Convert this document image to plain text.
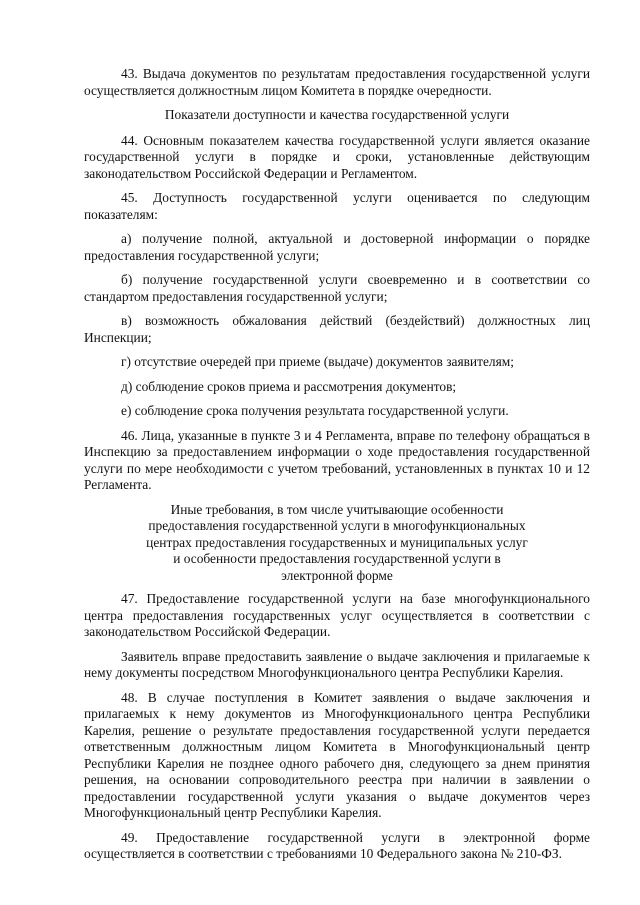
43. Выдача документов по результатам предоставления государственной услуги осуществляется должностным лицом Комитета в порядке очередности.

Показатели доступности и качества государственной услуги

44. Основным показателем качества государственной услуги является оказание государственной услуги в порядке и сроки, установленные действующим законодательством Российской Федерации и Регламентом.

45. Доступность государственной услуги оценивается по следующим показателям:

а) получение полной, актуальной и достоверной информации о порядке предоставления государственной услуги;

б) получение государственной услуги своевременно и в соответствии со стандартом предоставления государственной услуги;

в) возможность обжалования действий (бездействий) должностных лиц Инспекции;

г) отсутствие очередей при приеме (выдаче) документов заявителям;

д) соблюдение сроков приема и рассмотрения документов;

е) соблюдение срока получения результата государственной услуги.

46. Лица, указанные в пункте 3 и 4 Регламента, вправе по телефону обращаться в Инспекцию за предоставлением информации о ходе предоставления государственной услуги по мере необходимости с учетом требований, установленных в пунктах 10 и 12 Регламента.

Иные требования, в том числе учитывающие особенности предоставления государственной услуги в многофункциональных центрах предоставления государственных и муниципальных услуг и особенности предоставления государственной услуги в электронной форме

47. Предоставление государственной услуги на базе многофункционального центра предоставления государственных услуг осуществляется в соответствии с законодательством Российской Федерации.

Заявитель вправе предоставить заявление о выдаче заключения и прилагаемые к нему документы посредством Многофункционального центра Республики Карелия.

48. В случае поступления в Комитет заявления о выдаче заключения и прилагаемых к нему документов из Многофункционального центра Республики Карелия, решение о результате предоставления государственной услуги передается ответственным должностным лицом Комитета в Многофункциональный центр Республики Карелия не позднее одного рабочего дня, следующего за днем принятия решения, на основании сопроводительного реестра при наличии в заявлении о предоставлении государственной услуги указания о выдаче документов через Многофункциональный центр Республики Карелия.

49. Предоставление государственной услуги в электронной форме осуществляется в соответствии с требованиями 10 Федерального закона № 210-ФЗ.
